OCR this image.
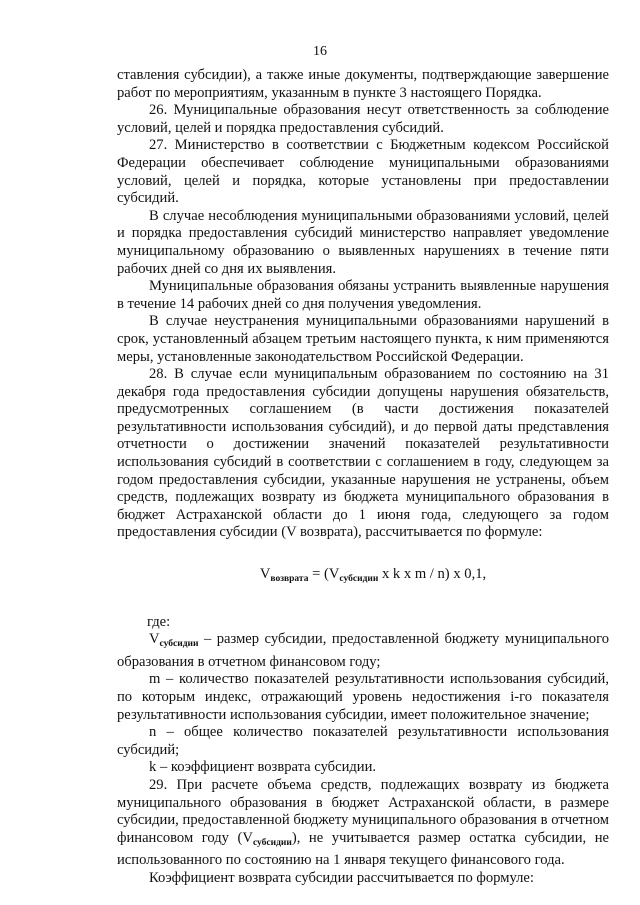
16

ставления субсидии), а также иные документы, подтверждающие завершение работ по мероприятиям, указанным в пункте 3 настоящего Порядка.

26. Муниципальные образования несут ответственность за соблюдение условий, целей и порядка предоставления субсидий.

27. Министерство в соответствии с Бюджетным кодексом Российской Федерации обеспечивает соблюдение муниципальными образованиями условий, целей и порядка, которые установлены при предоставлении субсидий.

В случае несоблюдения муниципальными образованиями условий, целей и порядка предоставления субсидий министерство направляет уведомление муниципальному образованию о выявленных нарушениях в течение пяти рабочих дней со дня их выявления.

Муниципальные образования обязаны устранить выявленные нарушения в течение 14 рабочих дней со дня получения уведомления.

В случае неустранения муниципальными образованиями нарушений в срок, установленный абзацем третьим настоящего пункта, к ним применяются меры, установленные законодательством Российской Федерации.

28. В случае если муниципальным образованием по состоянию на 31 декабря года предоставления субсидии допущены нарушения обязательств, предусмотренных соглашением (в части достижения показателей результативности использования субсидий), и до первой даты представления отчетности о достижении значений показателей результативности использования субсидий в соответствии с соглашением в году, следующем за годом предоставления субсидии, указанные нарушения не устранены, объем средств, подлежащих возврату из бюджета муниципального образования в бюджет Астраханской области до 1 июня года, следующего за годом предоставления субсидии (V возврата), рассчитывается по формуле:

$V_{возврата} = (V_{субсидии}$ x k x m / n) x 0,1,

где:

$V_{субсидии}$ – размер субсидии, предоставленной бюджету муниципального образования в отчетном финансовом году;

m – количество показателей результативности использования субсидий, по которым индекс, отражающий уровень недостижения i-го показателя результативности использования субсидии, имеет положительное значение;

n – общее количество показателей результативности использования субсидий;

k – коэффициент возврата субсидии.

29. При расчете объема средств, подлежащих возврату из бюджета муниципального образования в бюджет Астраханской области, в размере субсидии, предоставленной бюджету муниципального образования в отчетном финансовом году $(V_{субсидии})$, не учитывается размер остатка субсидии, не использованного по состоянию на 1 января текущего финансового года.

Коэффициент возврата субсидии рассчитывается по формуле:
